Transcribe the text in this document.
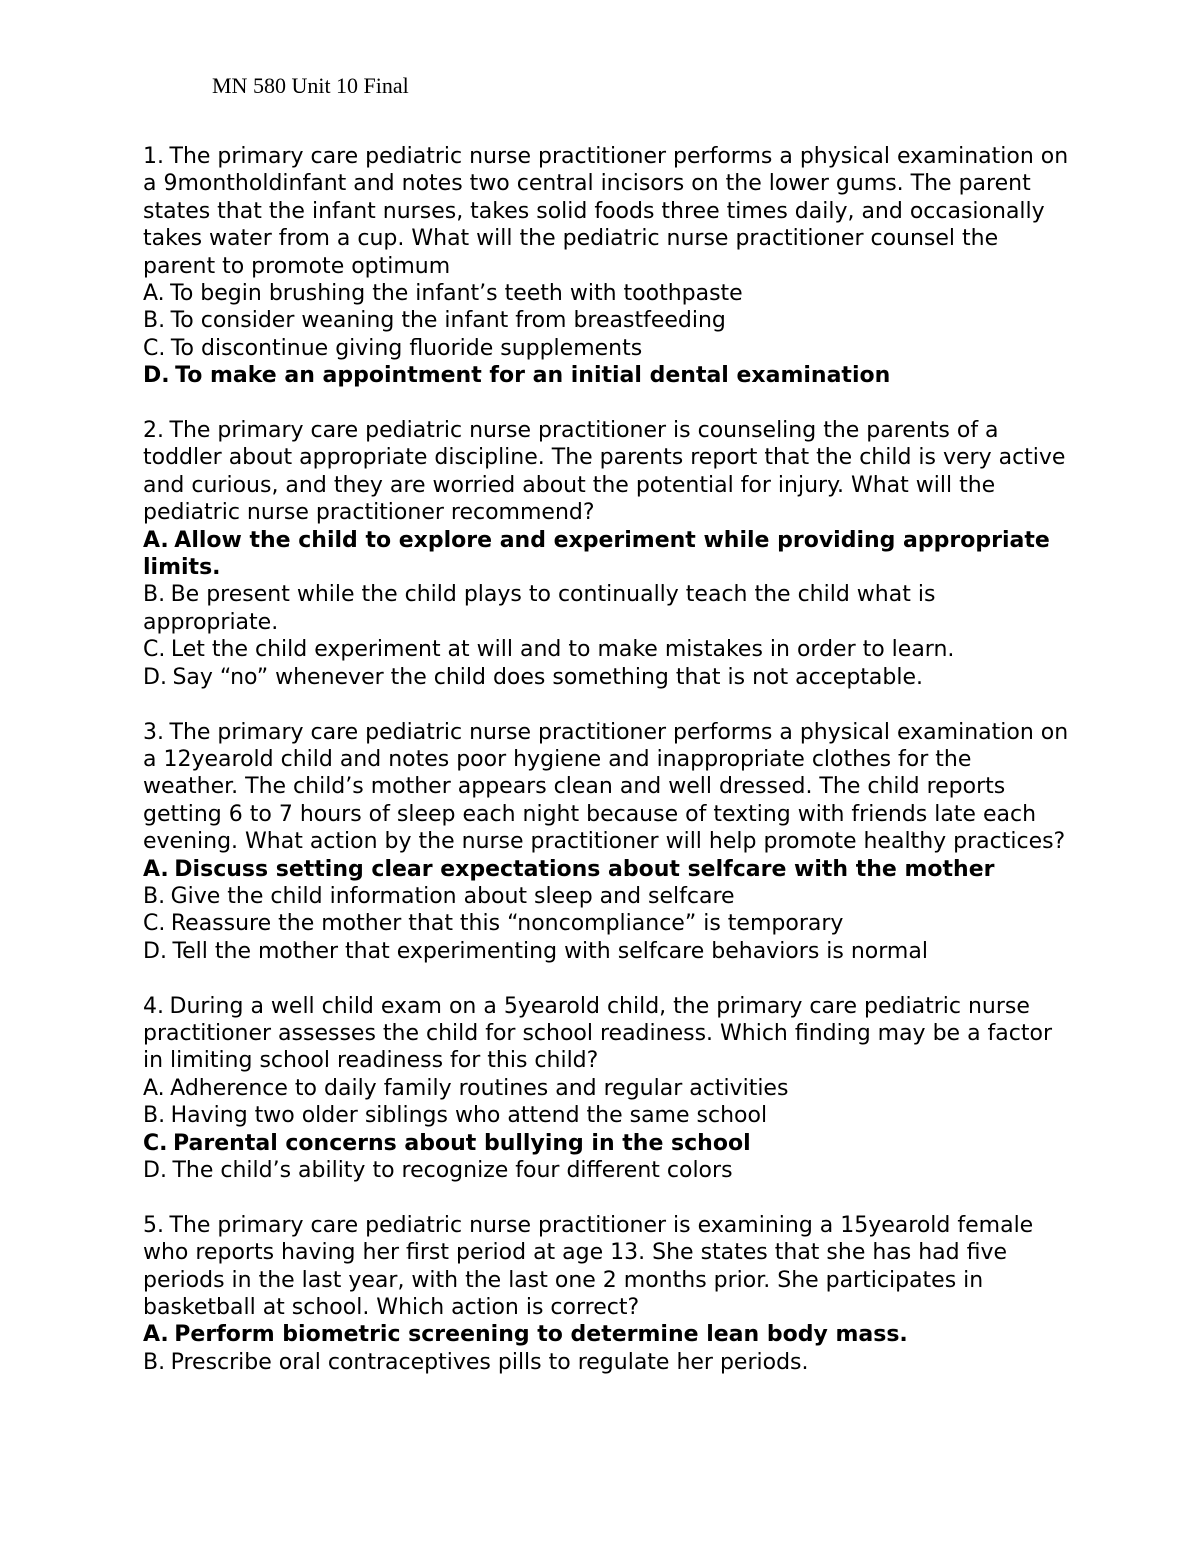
MN 580 Unit 10 Final

1. The primary care pediatric nurse practitioner performs a physical examination on a 9montholdinfant and notes two central incisors on the lower gums. The parent states that the infant nurses, takes solid foods three times daily, and occasionally takes water from a cup. What will the pediatric nurse practitioner counsel the parent to promote optimum

A. To begin brushing the infant’s teeth with toothpaste

B. To consider weaning the infant from breastfeeding

C. To discontinue giving fluoride supplements

D. To make an appointment for an initial dental examination

2. The primary care pediatric nurse practitioner is counseling the parents of a toddler about appropriate discipline. The parents report that the child is very active and curious, and they are worried about the potential for injury. What will the pediatric nurse practitioner recommend?

A. Allow the child to explore and experiment while providing appropriate limits.

B. Be present while the child plays to continually teach the child what is appropriate.

C. Let the child experiment at will and to make mistakes in order to learn.

D. Say “no” whenever the child does something that is not acceptable.

3. The primary care pediatric nurse practitioner performs a physical examination on a 12yearold child and notes poor hygiene and inappropriate clothes for the weather. The child’s mother appears clean and well dressed. The child reports getting 6 to 7 hours of sleep each night because of texting with friends late each evening. What action by the nurse practitioner will help promote healthy practices?

A. Discuss setting clear expectations about selfcare with the mother

B. Give the child information about sleep and selfcare

C. Reassure the mother that this “noncompliance” is temporary

D. Tell the mother that experimenting with selfcare behaviors is normal

4. During a well child exam on a 5yearold child, the primary care pediatric nurse practitioner assesses the child for school readiness. Which finding may be a factor in limiting school readiness for this child?

A. Adherence to daily family routines and regular activities

B. Having two older siblings who attend the same school

C. Parental concerns about bullying in the school

D. The child’s ability to recognize four different colors

5. The primary care pediatric nurse practitioner is examining a 15yearold female who reports having her first period at age 13. She states that she has had five periods in the last year, with the last one 2 months prior. She participates in basketball at school. Which action is correct?

A. Perform biometric screening to determine lean body mass.

B. Prescribe oral contraceptives pills to regulate her periods.
